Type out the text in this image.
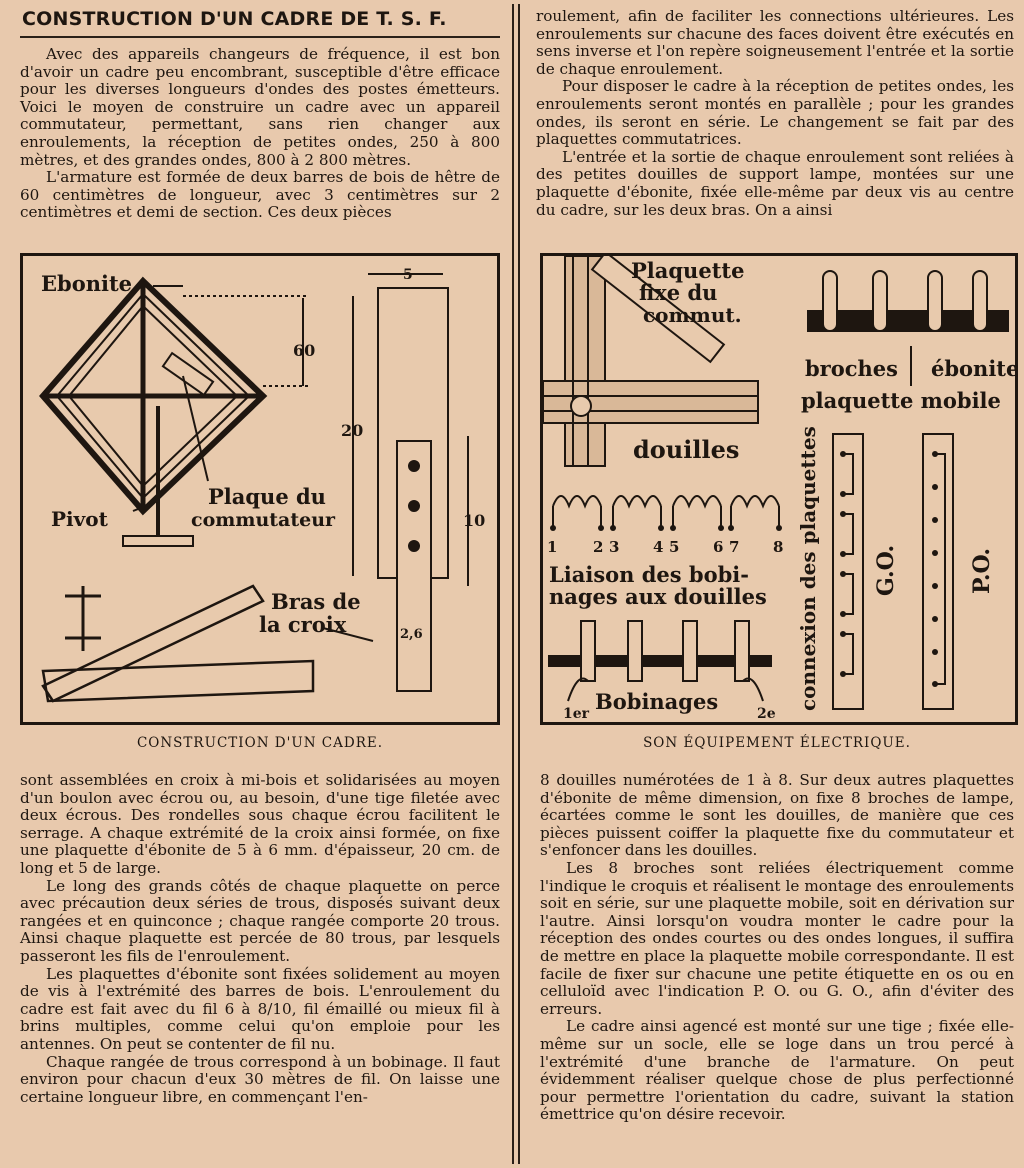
CONSTRUCTION D'UN CADRE DE T. S. F.

Avec des appareils changeurs de fréquence, il est bon d'avoir un cadre peu encombrant, susceptible d'être efficace pour les diverses longueurs d'ondes des postes émetteurs. Voici le moyen de construire un cadre avec un appareil commutateur, permettant, sans rien changer aux enroulements, la réception de petites ondes, 250 à 800 mètres, et des grandes ondes, 800 à 2 800 mètres.

L'armature est formée de deux barres de bois de hêtre de 60 centimètres de longueur, avec 3 centimètres sur 2 centimètres et demi de section. Ces deux pièces

roulement, afin de faciliter les connections ultérieures. Les enroulements sur chacune des faces doivent être exécutés en sens inverse et l'on repère soigneusement l'entrée et la sortie de chaque enroulement.

Pour disposer le cadre à la réception de petites ondes, les enroulements seront montés en parallèle ; pour les grandes ondes, ils seront en série. Le changement se fait par des plaquettes commutatrices.

L'entrée et la sortie de chaque enroulement sont reliées à des petites douilles de support lampe, montées sur une plaquette d'ébonite, fixée elle-même par deux vis au centre du cadre, sur les deux bras. On a ainsi

Ebonite
Pivot
Plaque du
commutateur
Bras de
la croix
5
60
20
10
2,6
CONSTRUCTION D'UN CADRE.
Plaquette
fixe du
commut.
broches ébonite
plaquette mobile
douilles
Liaison des bobi-
nages aux douilles
Bobinages
1er	2e
connexion des plaquettes G.O.	P.O.
1 2 3 4 5 6 7 8
SON ÉQUIPEMENT ÉLECTRIQUE.

sont assemblées en croix à mi-bois et solidarisées au moyen d'un boulon avec écrou ou, au besoin, d'une tige filetée avec deux écrous. Des rondelles sous chaque écrou facilitent le serrage. A chaque extrémité de la croix ainsi formée, on fixe une plaquette d'ébonite de 5 à 6 mm. d'épaisseur, 20 cm. de long et 5 de large.

Le long des grands côtés de chaque plaquette on perce avec précaution deux séries de trous, disposés suivant deux rangées et en quinconce ; chaque rangée comporte 20 trous. Ainsi chaque plaquette est percée de 80 trous, par lesquels passeront les fils de l'enroulement.

Les plaquettes d'ébonite sont fixées solidement au moyen de vis à l'extrémité des barres de bois. L'enroulement du cadre est fait avec du fil 6 à 8/10, fil émaillé ou mieux fil à brins multiples, comme celui qu'on emploie pour les antennes. On peut se contenter de fil nu.

Chaque rangée de trous correspond à un bobinage. Il faut environ pour chacun d'eux 30 mètres de fil. On laisse une certaine longueur libre, en commençant l'en-

8 douilles numérotées de 1 à 8. Sur deux autres plaquettes d'ébonite de même dimension, on fixe 8 broches de lampe, écartées comme le sont les douilles, de manière que ces pièces puissent coiffer la plaquette fixe du commutateur et s'enfoncer dans les douilles.

Les 8 broches sont reliées électriquement comme l'indique le croquis et réalisent le montage des enroulements soit en série, sur une plaquette mobile, soit en dérivation sur l'autre. Ainsi lorsqu'on voudra monter le cadre pour la réception des ondes courtes ou des ondes longues, il suffira de mettre en place la plaquette mobile correspondante. Il est facile de fixer sur chacune une petite étiquette en os ou en celluloïd avec l'indication P. O. ou G. O., afin d'éviter des erreurs.

Le cadre ainsi agencé est monté sur une tige ; fixée elle-même sur un socle, elle se loge dans un trou percé à l'extrémité d'une branche de l'armature. On peut évidemment réaliser quelque chose de plus perfectionné pour permettre l'orientation du cadre, suivant la station émettrice qu'on désire recevoir.
